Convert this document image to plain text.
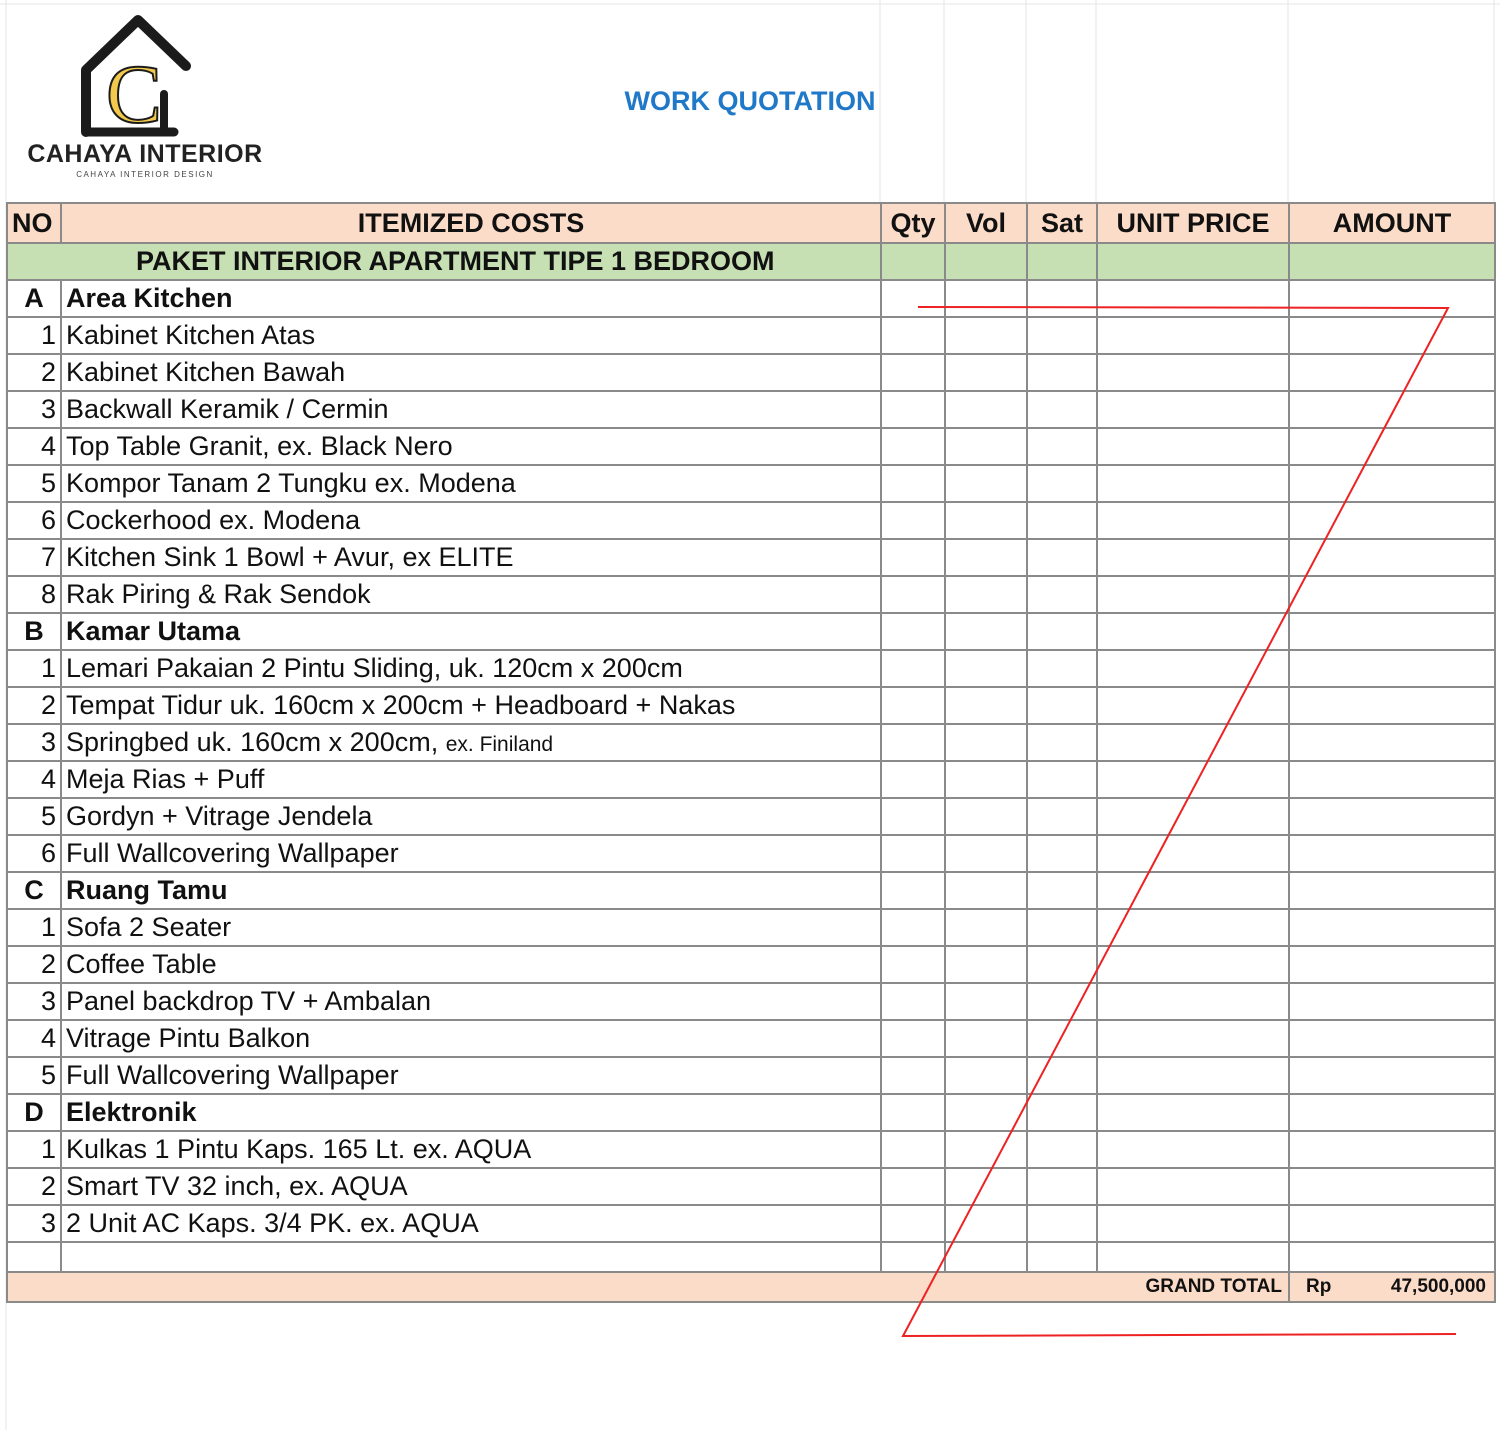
C
CAHAYA INTERIOR
CAHAYA INTERIOR DESIGN
WORK QUOTATION
NO	ITEMIZED COSTS	Qty	Vol	Sat	UNIT PRICE	AMOUNT
PAKET INTERIOR APARTMENT TIPE 1 BEDROOM						
A	Area Kitchen					
1	Kabinet Kitchen Atas					
2	Kabinet Kitchen Bawah					
3	Backwall Keramik / Cermin					
4	Top Table Granit, ex. Black Nero					
5	Kompor Tanam 2 Tungku ex. Modena					
6	Cockerhood ex. Modena					
7	Kitchen Sink 1 Bowl + Avur, ex ELITE					
8	Rak Piring & Rak Sendok					
B	Kamar Utama					
1	Lemari Pakaian 2 Pintu Sliding, uk. 120cm x 200cm					
2	Tempat Tidur uk. 160cm x 200cm + Headboard + Nakas					
3	Springbed uk. 160cm x 200cm, ex. Finiland					
4	Meja Rias + Puff					
5	Gordyn + Vitrage Jendela					
6	Full Wallcovering Wallpaper					
C	Ruang Tamu					
1	Sofa 2 Seater					
2	Coffee Table					
3	Panel backdrop TV + Ambalan					
4	Vitrage Pintu Balkon					
5	Full Wallcovering Wallpaper					
D	Elektronik					
1	Kulkas 1 Pintu Kaps. 165 Lt. ex. AQUA					
2	Smart TV 32 inch, ex. AQUA					
3	2 Unit AC Kaps. 3/4 PK. ex. AQUA					

GRAND TOTAL						Rp 47,500,000
